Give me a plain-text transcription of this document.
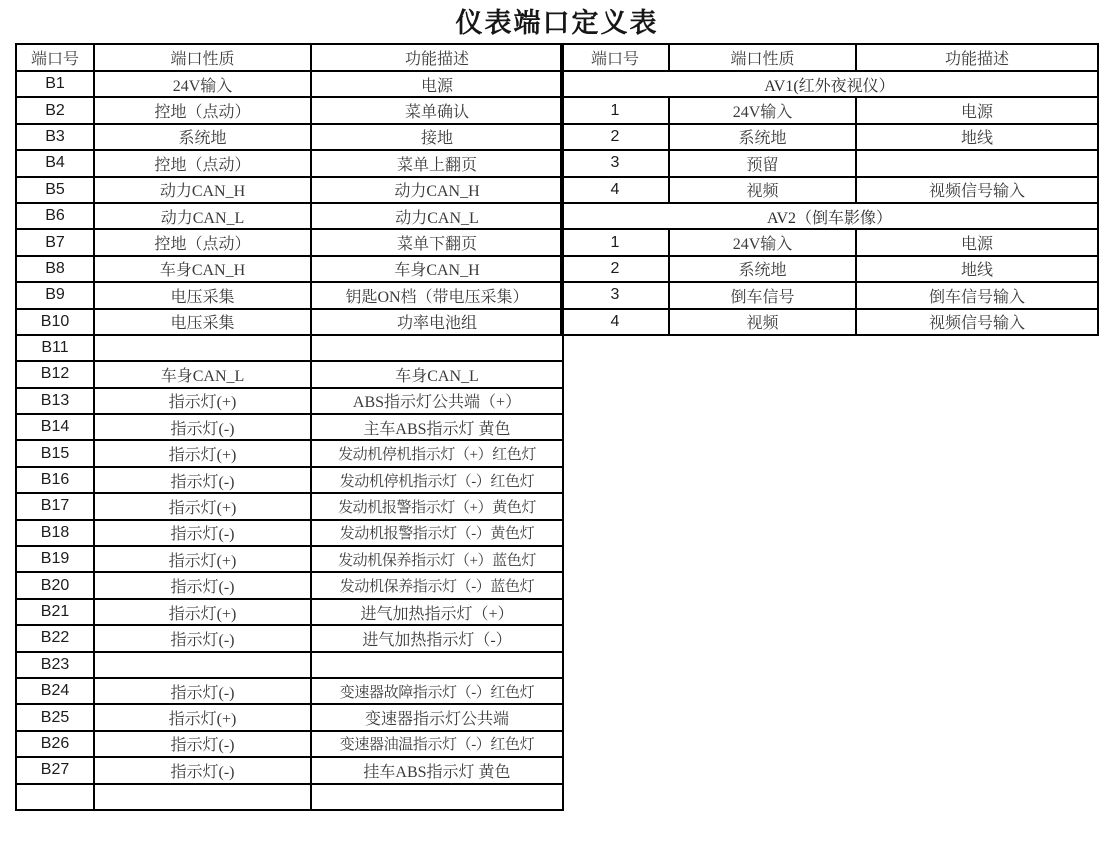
仪表端口定义表
端口号	端口性质	功能描述
B1	24V输入	电源
B2	控地（点动）	菜单确认
B3	系统地	接地
B4	控地（点动）	菜单上翻页
B5	动力CAN_H	动力CAN_H
B6	动力CAN_L	动力CAN_L
B7	控地（点动）	菜单下翻页
B8	车身CAN_H	车身CAN_H
B9	电压采集	钥匙ON档（带电压采集）
B10	电压采集	功率电池组
B11		
B12	车身CAN_L	车身CAN_L
B13	指示灯(+)	ABS指示灯公共端（+）
B14	指示灯(-)	主车ABS指示灯 黄色
B15	指示灯(+)	发动机停机指示灯（+）红色灯
B16	指示灯(-)	发动机停机指示灯（-）红色灯
B17	指示灯(+)	发动机报警指示灯（+）黄色灯
B18	指示灯(-)	发动机报警指示灯（-）黄色灯
B19	指示灯(+)	发动机保养指示灯（+）蓝色灯
B20	指示灯(-)	发动机保养指示灯（-）蓝色灯
B21	指示灯(+)	进气加热指示灯（+）
B22	指示灯(-)	进气加热指示灯（-）
B23		
B24	指示灯(-)	变速器故障指示灯（-）红色灯
B25	指示灯(+)	变速器指示灯公共端
B26	指示灯(-)	变速器油温指示灯（-）红色灯
B27	指示灯(-)	挂车ABS指示灯 黄色

端口号	端口性质	功能描述
AV1(红外夜视仪）		
1	24V输入	电源
2	系统地	地线
3	预留	
4	视频	视频信号输入
AV2（倒车影像）		
1	24V输入	电源
2	系统地	地线
3	倒车信号	倒车信号输入
4	视频	视频信号输入
